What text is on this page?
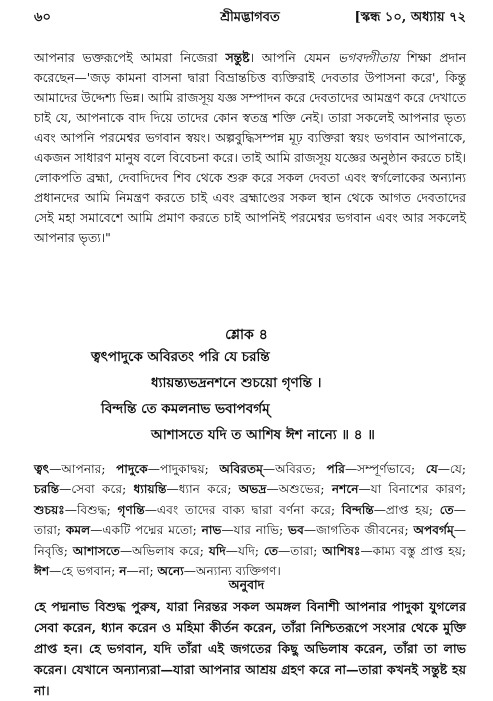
৬০	শ্রীমদ্ভাগবত	[স্কন্ধ ১০, অধ্যায় ৭২

আপনার ভক্তরূপেই আমরা নিজেরা সন্তুষ্ট। আপনি যেমন ভগবদ্গীতায় শিক্ষা প্রদান করেছেন—'জড় কামনা বাসনা দ্বারা বিভ্রান্তচিত্ত ব্যক্তিরাই দেবতার উপাসনা করে', কিন্তু আমাদের উদ্দেশ্য ভিন্ন। আমি রাজসূয় যজ্ঞ সম্পাদন করে দেবতাদের আমন্ত্রণ করে দেখাতে চাই যে, আপনাকে বাদ দিয়ে তাদের কোন স্বতন্ত্র শক্তি নেই। তারা সকলেই আপনার ভৃত্য এবং আপনি পরমেশ্বর ভগবান স্বয়ং। অল্পবুদ্ধিসম্পন্ন মূঢ় ব্যক্তিরা স্বয়ং ভগবান আপনাকে, একজন সাধারণ মানুষ বলে বিবেচনা করে। তাই আমি রাজসূয় যজ্ঞের অনুষ্ঠান করতে চাই। লোকপতি ব্রহ্মা, দেবাদিদেব শিব থেকে শুরু করে সকল দেবতা এবং স্বর্গলোকের অন্যান্য প্রধানদের আমি নিমন্ত্রণ করতে চাই এবং ব্রহ্মাণ্ডের সকল স্থান থেকে আগত দেবতাদের সেই মহা সমাবেশে আমি প্রমাণ করতে চাই আপনিই পরমেশ্বর ভগবান এবং আর সকলেই আপনার ভৃত্য।"

শ্লোক ৪
ত্বৎপাদুকে অবিরতং পরি যে চরন্তি
ধ্যায়ন্ত্যভদ্রনশনে শুচয়ো গৃণন্তি ।
বিন্দন্তি তে কমলনাভ ভবাপবর্গম্
আশাসতে যদি ত আশিষ ঈশ নান্যে ॥ ৪ ॥

ত্বৎ—আপনার; পাদুকে—পাদুকাদ্বয়; অবিরতম্—অবিরত; পরি—সম্পূর্ণভাবে; যে—যে; চরন্তি—সেবা করে; ধ্যায়ন্তি—ধ্যান করে; অভদ্র—অশুভের; নশনে—যা বিনাশের কারণ; শুচয়ঃ—বিশুদ্ধ; গৃণন্তি—এবং তাদের বাক্য দ্বারা বর্ণনা করে; বিন্দন্তি—প্রাপ্ত হয়; তে—তারা; কমল—একটি পদ্মের মতো; নাভ—যার নাভি; ভব—জাগতিক জীবনের; অপবর্গম্—নিবৃত্তি; আশাসতে—অভিলাষ করে; যদি—যদি; তে—তারা; আশিষঃ—কাম্য বস্তু প্রাপ্ত হয়; ঈশ—হে ভগবান; ন—না; অন্যে—অন্যান্য ব্যক্তিগণ।

অনুবাদ

হে পদ্মনাভ বিশুদ্ধ পুরুষ, যারা নিরন্তর সকল অমঙ্গল বিনাশী আপনার পাদুকা যুগলের সেবা করেন, ধ্যান করেন ও মহিমা কীর্তন করেন, তাঁরা নিশ্চিতরূপে সংসার থেকে মুক্তি প্রাপ্ত হন। হে ভগবান, যদি তাঁরা এই জগতের কিছু অভিলাষ করেন, তাঁরা তা লাভ করেন। যেখানে অন্যান্যরা—যারা আপনার আশ্রয় গ্রহণ করে না—তারা কখনই সন্তুষ্ট হয় না।
